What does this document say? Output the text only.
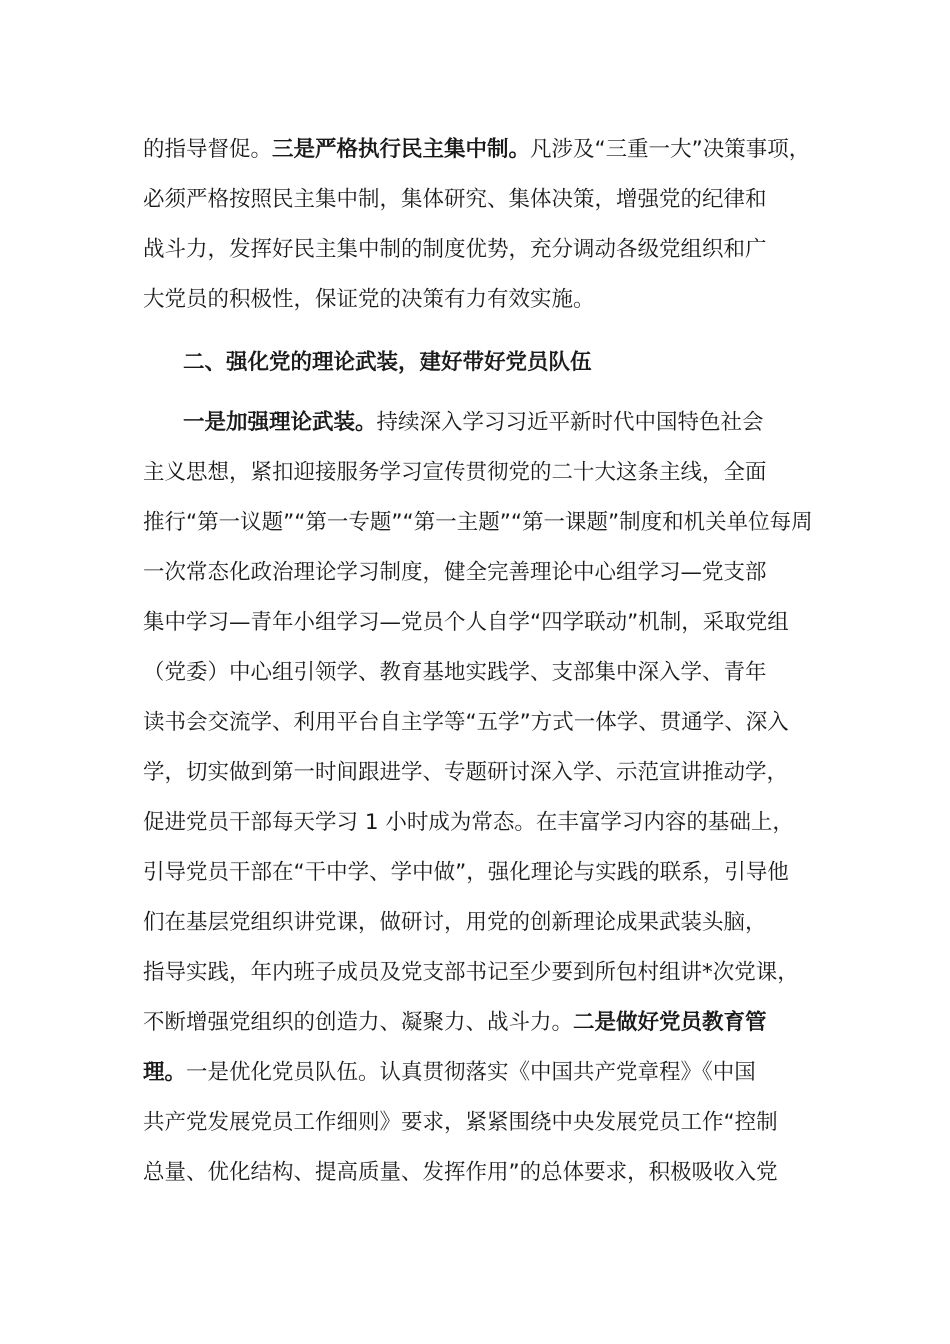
的指导督促。三是严格执行民主集中制。凡涉及“三重一大”决策事项，
必须严格按照民主集中制，集体研究、集体决策，增强党的纪律和
战斗力，发挥好民主集中制的制度优势，充分调动各级党组织和广
大党员的积极性，保证党的决策有力有效实施。
二、强化党的理论武装，建好带好党员队伍
一是加强理论武装。持续深入学习习近平新时代中国特色社会
主义思想，紧扣迎接服务学习宣传贯彻党的二十大这条主线，全面
推行“第一议题”“第一专题”“第一主题”“第一课题”制度和机关单位每周
一次常态化政治理论学习制度，健全完善理论中心组学习—党支部
集中学习—青年小组学习—党员个人自学“四学联动”机制，采取党组
（党委）中心组引领学、教育基地实践学、支部集中深入学、青年
读书会交流学、利用平台自主学等“五学”方式一体学、贯通学、深入
学，切实做到第一时间跟进学、专题研讨深入学、示范宣讲推动学，
促进党员干部每天学习 1 小时成为常态。在丰富学习内容的基础上，
引导党员干部在“干中学、学中做”，强化理论与实践的联系，引导他
们在基层党组织讲党课，做研讨，用党的创新理论成果武装头脑，
指导实践，年内班子成员及党支部书记至少要到所包村组讲*次党课，
不断增强党组织的创造力、凝聚力、战斗力。二是做好党员教育管
理。一是优化党员队伍。认真贯彻落实《中国共产党章程》《中国
共产党发展党员工作细则》要求，紧紧围绕中央发展党员工作“控制
总量、优化结构、提高质量、发挥作用”的总体要求，积极吸收入党
